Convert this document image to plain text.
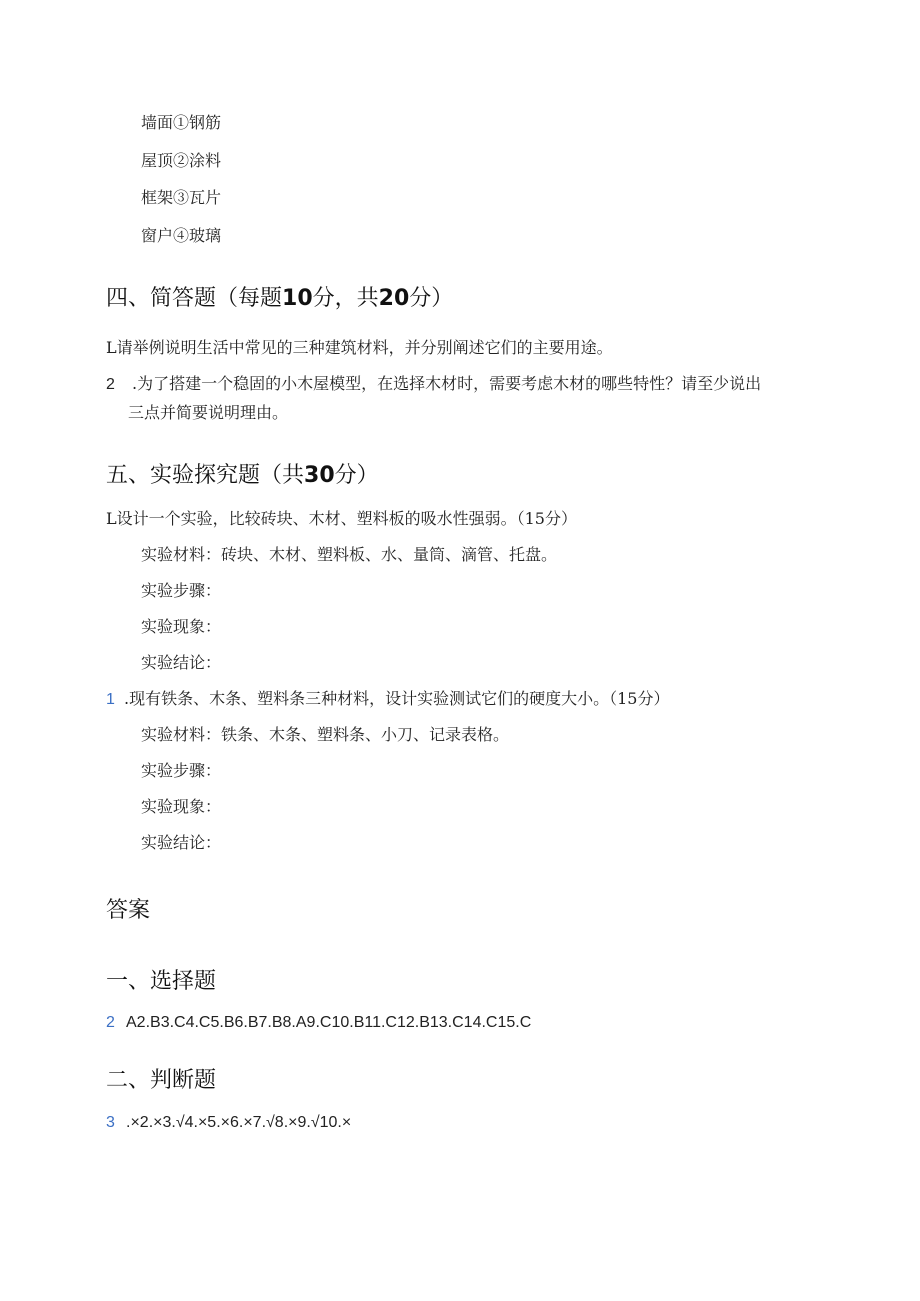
墙面①钢筋
屋顶②涂料
框架③瓦片
窗户④玻璃
四、简答题（每题10分，共20分）
L请举例说明生活中常见的三种建筑材料，并分别阐述它们的主要用途。
2 .为了搭建一个稳固的小木屋模型，在选择木材时，需要考虑木材的哪些特性？请至少说出
三点并简要说明理由。
五、实验探究题（共30分）
L设计一个实验，比较砖块、木材、塑料板的吸水性强弱。（15分）
实验材料：砖块、木材、塑料板、水、量筒、滴管、托盘。
实验步骤：
实验现象：
实验结论：
1 .现有铁条、木条、塑料条三种材料，设计实验测试它们的硬度大小。（15分）
实验材料：铁条、木条、塑料条、小刀、记录表格。
实验步骤：
实验现象：
实验结论：
答案
一、选择题
2 A2.B3.C4.C5.B6.B7.B8.A9.C10.B11.C12.B13.C14.C15.C
二、判断题
3 .×2.×3.√4.×5.×6.×7.√8.×9.√10.×
